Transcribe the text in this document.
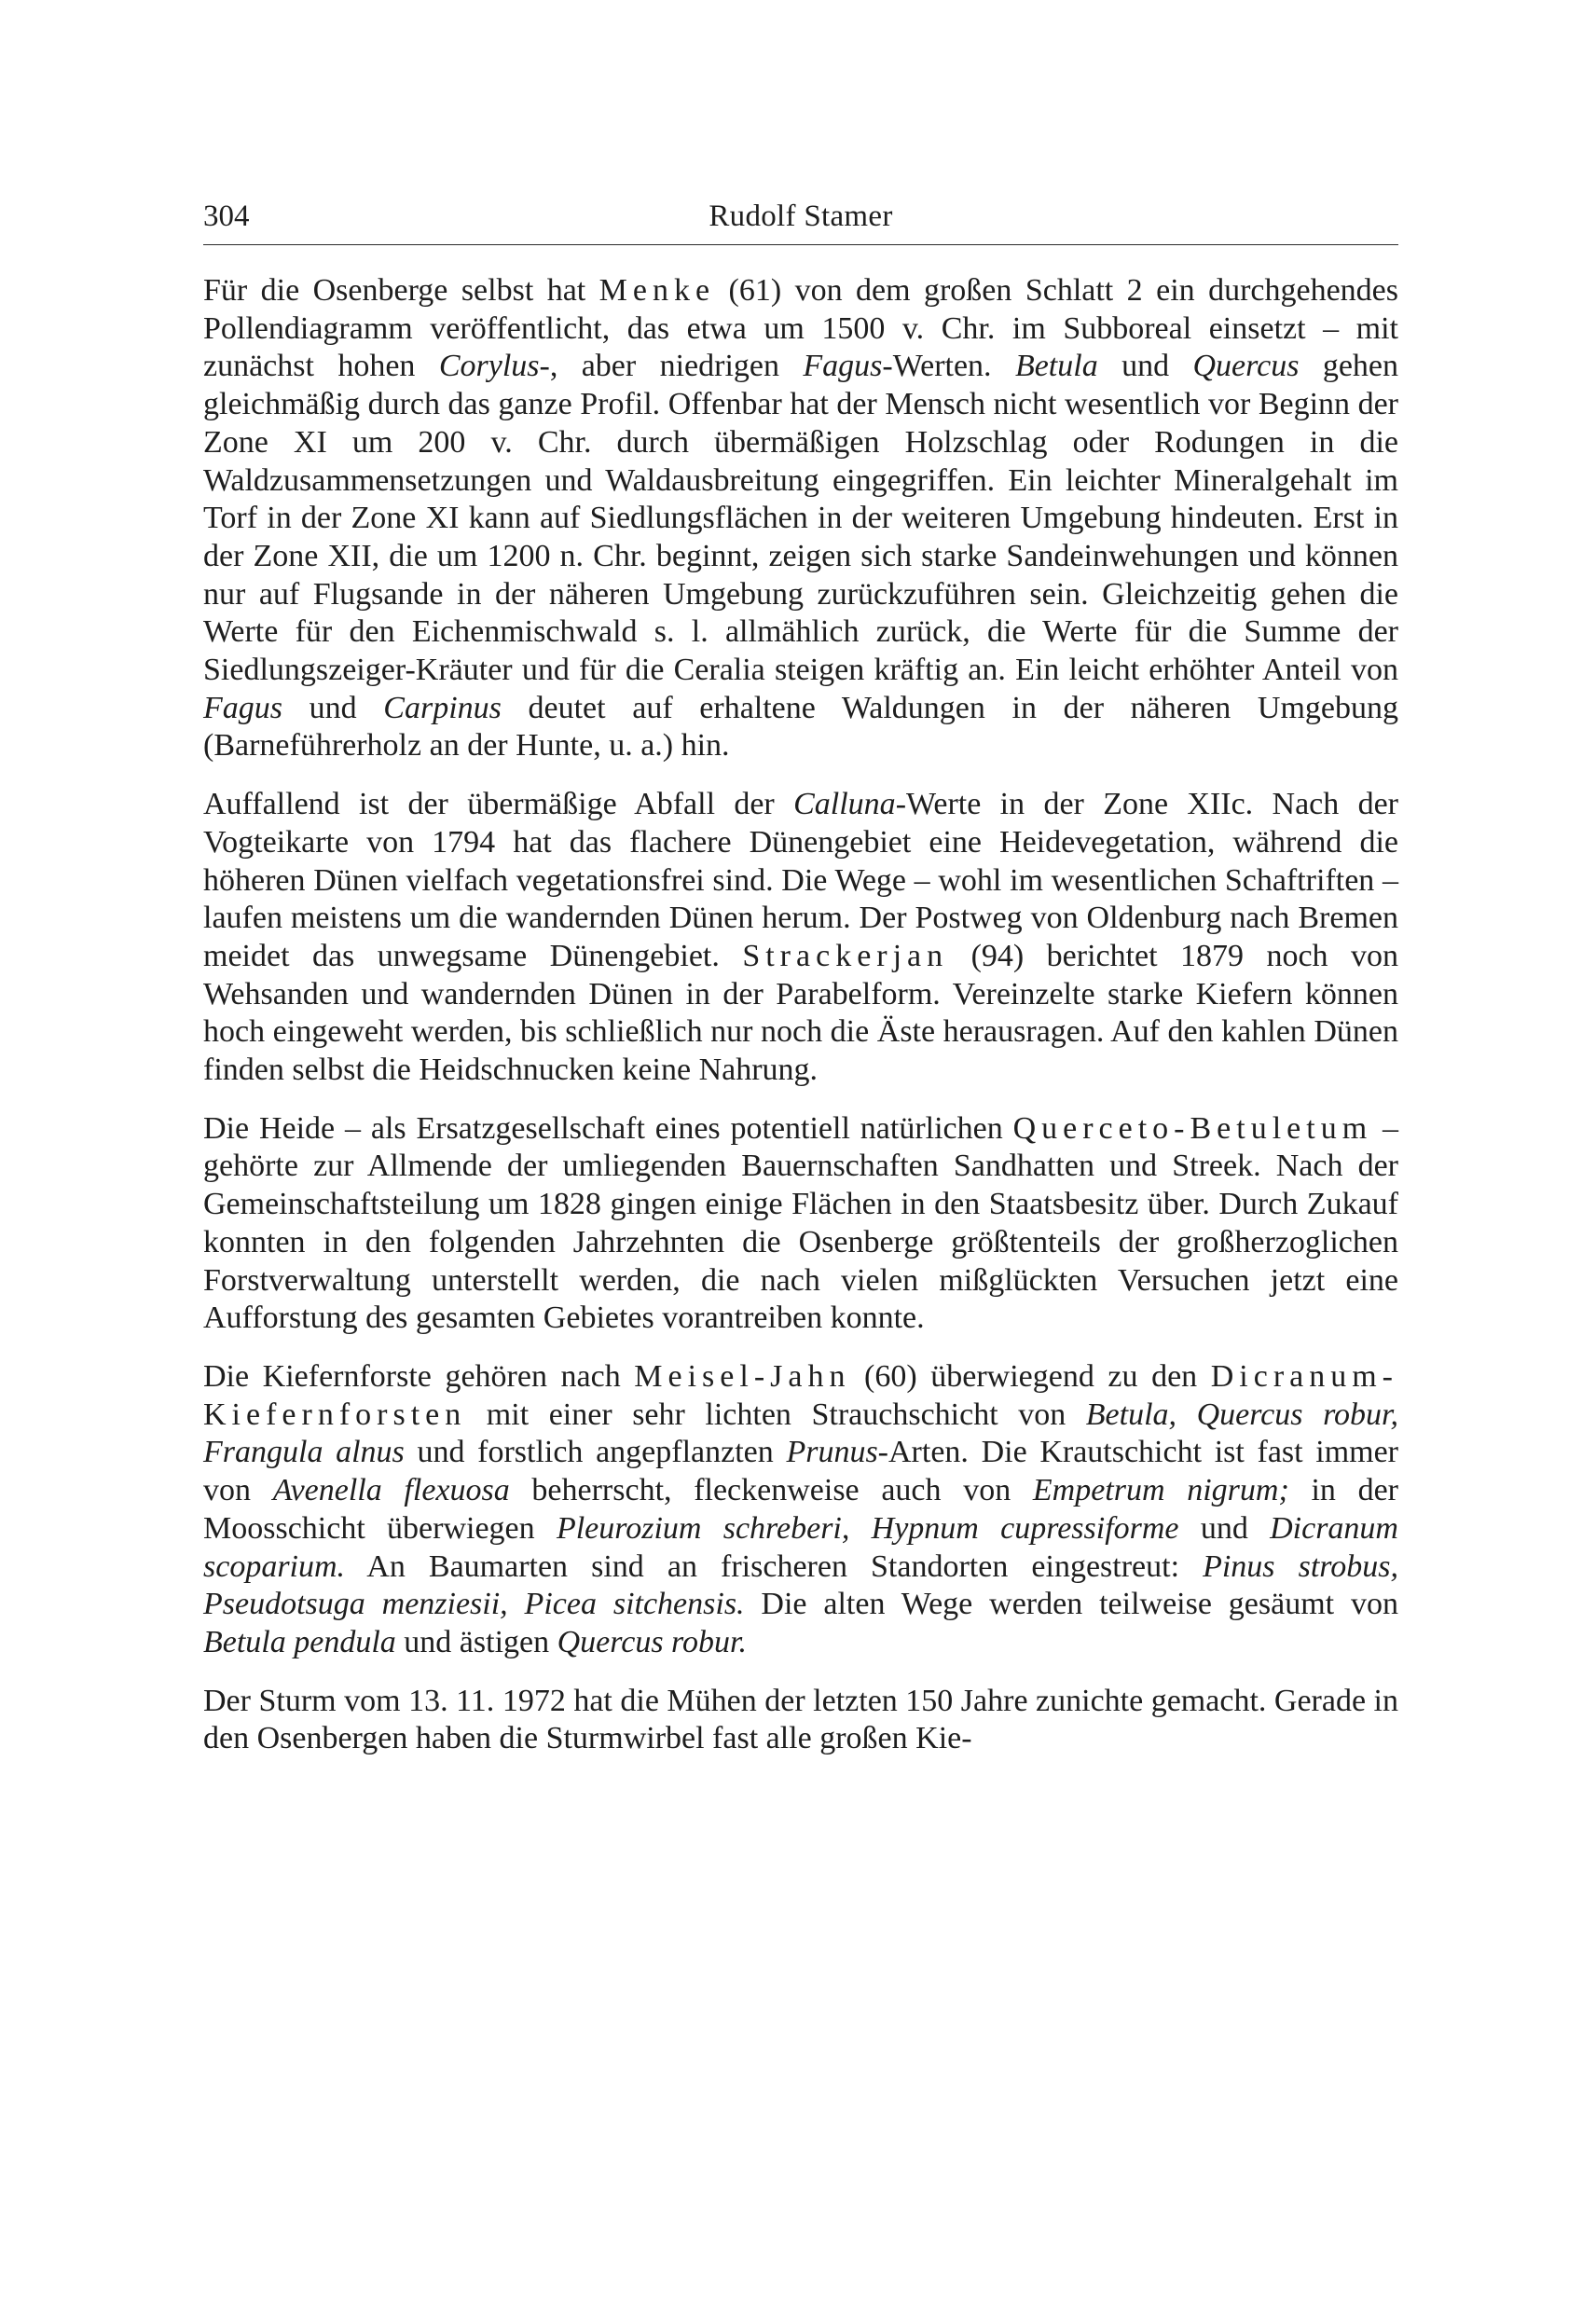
304	Rudolf Stamer

Für die Osenberge selbst hat Menke (61) von dem großen Schlatt 2 ein durchgehendes Pollendiagramm veröffentlicht, das etwa um 1500 v. Chr. im Subboreal einsetzt – mit zunächst hohen Corylus-, aber niedrigen Fagus-Werten. Betula und Quercus gehen gleichmäßig durch das ganze Profil. Offenbar hat der Mensch nicht wesentlich vor Beginn der Zone XI um 200 v. Chr. durch übermäßigen Holzschlag oder Rodungen in die Waldzusammensetzungen und Waldausbreitung eingegriffen. Ein leichter Mineralgehalt im Torf in der Zone XI kann auf Siedlungsflächen in der weiteren Umgebung hindeuten. Erst in der Zone XII, die um 1200 n. Chr. beginnt, zeigen sich starke Sandeinwehungen und können nur auf Flugsande in der näheren Umgebung zurückzuführen sein. Gleichzeitig gehen die Werte für den Eichenmischwald s. l. allmählich zurück, die Werte für die Summe der Siedlungszeiger-Kräuter und für die Ceralia steigen kräftig an. Ein leicht erhöhter Anteil von Fagus und Carpinus deutet auf erhaltene Waldungen in der näheren Umgebung (Barneführerholz an der Hunte, u. a.) hin.

Auffallend ist der übermäßige Abfall der Calluna-Werte in der Zone XIIc. Nach der Vogteikarte von 1794 hat das flachere Dünengebiet eine Heidevegetation, während die höheren Dünen vielfach vegetationsfrei sind. Die Wege – wohl im wesentlichen Schaftriften – laufen meistens um die wandernden Dünen herum. Der Postweg von Oldenburg nach Bremen meidet das unwegsame Dünengebiet. Strackerjan (94) berichtet 1879 noch von Wehsanden und wandernden Dünen in der Parabelform. Vereinzelte starke Kiefern können hoch eingeweht werden, bis schließlich nur noch die Äste herausragen. Auf den kahlen Dünen finden selbst die Heidschnucken keine Nahrung.

Die Heide – als Ersatzgesellschaft eines potentiell natürlichen Querceto-Betuletum – gehörte zur Allmende der umliegenden Bauernschaften Sandhatten und Streek. Nach der Gemeinschaftsteilung um 1828 gingen einige Flächen in den Staatsbesitz über. Durch Zukauf konnten in den folgenden Jahrzehnten die Osenberge größtenteils der großherzoglichen Forstverwaltung unterstellt werden, die nach vielen mißglückten Versuchen jetzt eine Aufforstung des gesamten Gebietes vorantreiben konnte.

Die Kiefernforste gehören nach Meisel-Jahn (60) überwiegend zu den Dicranum-Kiefernforsten mit einer sehr lichten Strauchschicht von Betula, Quercus robur, Frangula alnus und forstlich angepflanzten Prunus-Arten. Die Krautschicht ist fast immer von Avenella flexuosa beherrscht, fleckenweise auch von Empetrum nigrum; in der Moosschicht überwiegen Pleurozium schreberi, Hypnum cupressiforme und Dicranum scoparium. An Baumarten sind an frischeren Standorten eingestreut: Pinus strobus, Pseudotsuga menziesii, Picea sitchensis. Die alten Wege werden teilweise gesäumt von Betula pendula und ästigen Quercus robur.

Der Sturm vom 13. 11. 1972 hat die Mühen der letzten 150 Jahre zunichte gemacht. Gerade in den Osenbergen haben die Sturmwirbel fast alle großen Kie-
